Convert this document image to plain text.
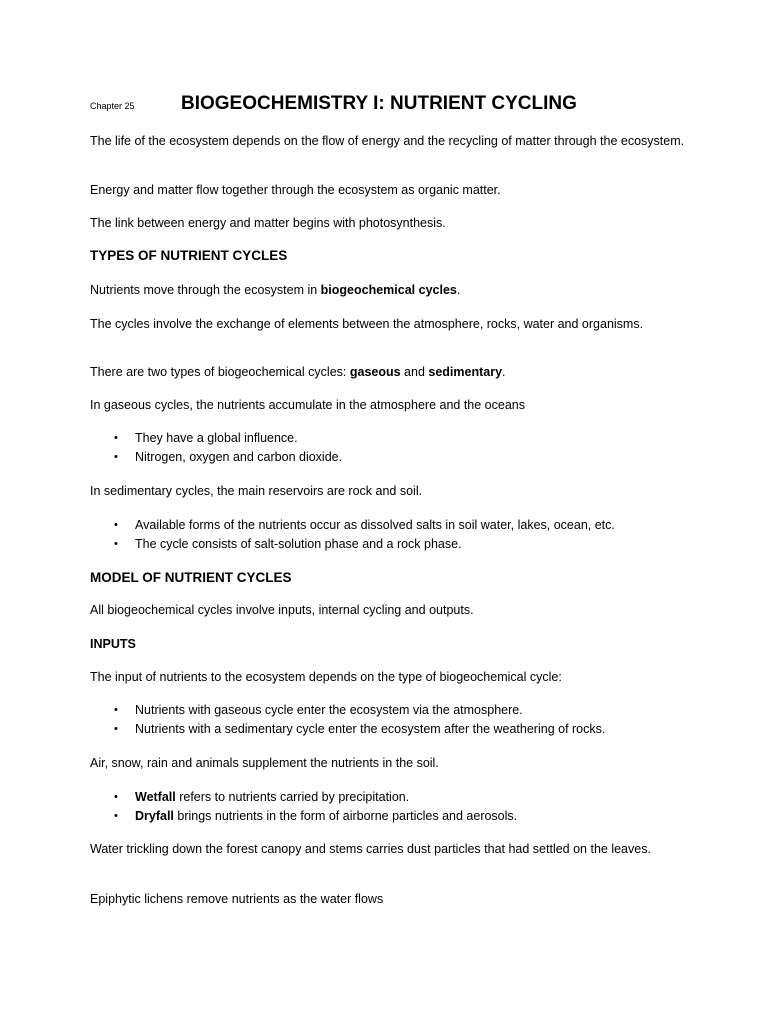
Chapter 25 BIOGEOCHEMISTRY I: NUTRIENT CYCLING

The life of the ecosystem depends on the flow of energy and the recycling of matter through the ecosystem.

Energy and matter flow together through the ecosystem as organic matter.

The link between energy and matter begins with photosynthesis.

TYPES OF NUTRIENT CYCLES

Nutrients move through the ecosystem in biogeochemical cycles.

The cycles involve the exchange of elements between the atmosphere, rocks, water and organisms.

There are two types of biogeochemical cycles: gaseous and sedimentary.

In gaseous cycles, the nutrients accumulate in the atmosphere and the oceans

• They have a global influence.
• Nitrogen, oxygen and carbon dioxide.

In sedimentary cycles, the main reservoirs are rock and soil.

• Available forms of the nutrients occur as dissolved salts in soil water, lakes, ocean, etc.
• The cycle consists of salt-solution phase and a rock phase.
MODEL OF NUTRIENT CYCLES

All biogeochemical cycles involve inputs, internal cycling and outputs.

INPUTS

The input of nutrients to the ecosystem depends on the type of biogeochemical cycle:

• Nutrients with gaseous cycle enter the ecosystem via the atmosphere.
• Nutrients with a sedimentary cycle enter the ecosystem after the weathering of rocks.

Air, snow, rain and animals supplement the nutrients in the soil.

• Wetfall refers to nutrients carried by precipitation.
• Dryfall brings nutrients in the form of airborne particles and aerosols.

Water trickling down the forest canopy and stems carries dust particles that had settled on the leaves.

Epiphytic lichens remove nutrients as the water flows
